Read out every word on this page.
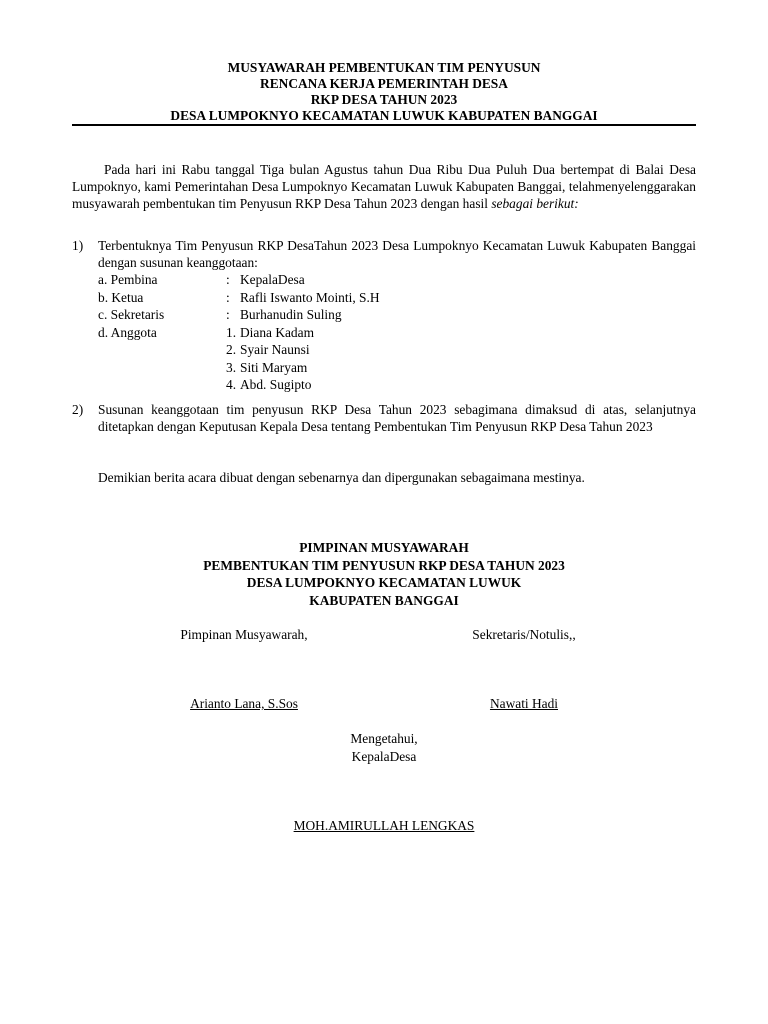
MUSYAWARAH PEMBENTUKAN TIM PENYUSUN
RENCANA KERJA PEMERINTAH DESA
RKP DESA TAHUN 2023
DESA LUMPOKNYO KECAMATAN LUWUK KABUPATEN BANGGAI
Pada hari ini Rabu tanggal Tiga bulan Agustus tahun Dua Ribu Dua Puluh Dua bertempat di Balai Desa Lumpoknyo, kami Pemerintahan Desa Lumpoknyo Kecamatan Luwuk Kabupaten Banggai, telahmenyelenggarakan musyawarah pembentukan tim Penyusun RKP Desa Tahun 2023 dengan hasil sebagai berikut:
1) Terbentuknya Tim Penyusun RKP DesaTahun 2023 Desa Lumpoknyo Kecamatan Luwuk Kabupaten Banggai dengan susunan keanggotaan:
a. Pembina	: KepalaDesa
b. Ketua	: Rafli Iswanto Mointi, S.H
c. Sekretaris	: Burhanudin Suling
d. Anggota	1. Diana Kadam
2. Syair Naunsi
3. Siti Maryam
4. Abd. Sugipto
2) Susunan keanggotaan tim penyusun RKP Desa Tahun 2023 sebagimana dimaksud di atas, selanjutnya ditetapkan dengan Keputusan Kepala Desa tentang Pembentukan Tim Penyusun RKP Desa Tahun 2023
Demikian berita acara dibuat dengan sebenarnya dan dipergunakan sebagaimana mestinya.
PIMPINAN MUSYAWARAH
PEMBENTUKAN TIM PENYUSUN RKP DESA TAHUN 2023
DESA LUMPOKNYO KECAMATAN LUWUK
KABUPATEN BANGGAI
Pimpinan Musyawarah,	Sekretaris/Notulis,,
Arianto Lana, S.Sos	Nawati Hadi
Mengetahui,
KepalaDesa
MOH.AMIRULLAH LENGKAS
